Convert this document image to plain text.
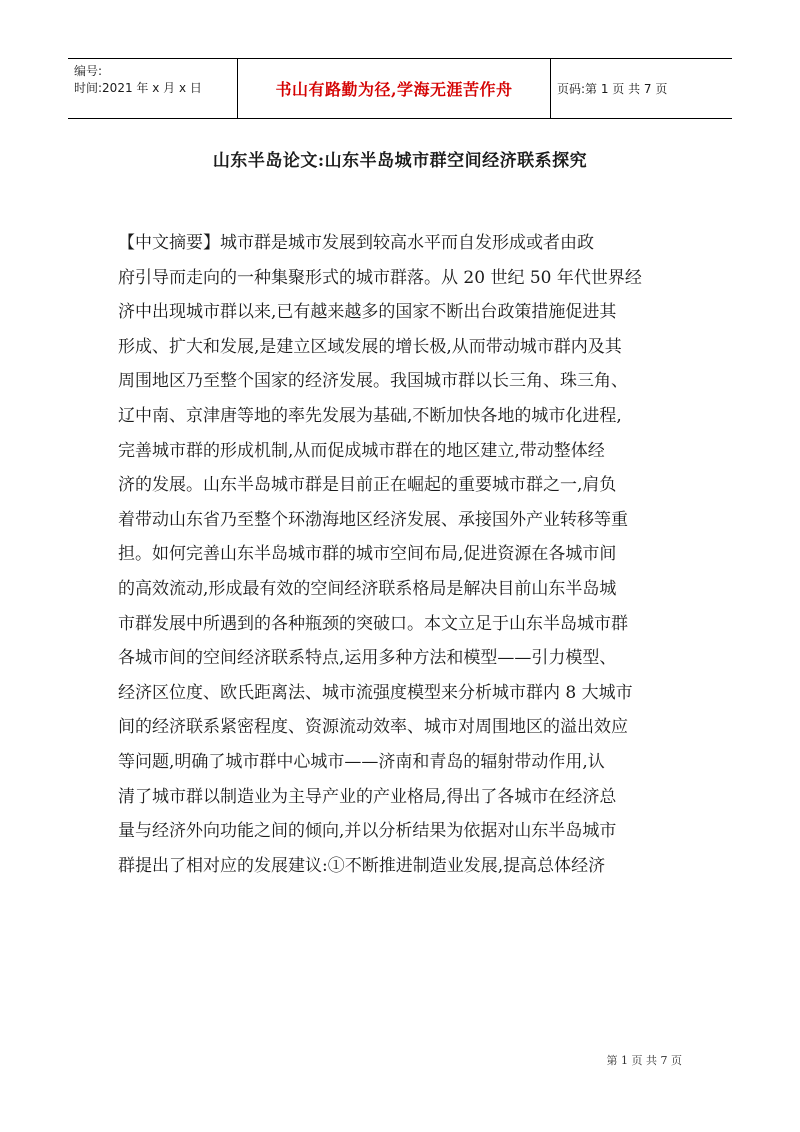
编号:
时间:2021 年 x 月 x 日	书山有路勤为径,学海无涯苦作舟	页码:第 1 页 共 7 页
山东半岛论文:山东半岛城市群空间经济联系探究
【中文摘要】城市群是城市发展到较高水平而自发形成或者由政
府引导而走向的一种集聚形式的城市群落。从 20 世纪 50 年代世界经
济中出现城市群以来,已有越来越多的国家不断出台政策措施促进其
形成、扩大和发展,是建立区域发展的增长极,从而带动城市群内及其
周围地区乃至整个国家的经济发展。我国城市群以长三角、珠三角、
辽中南、京津唐等地的率先发展为基础,不断加快各地的城市化进程,
完善城市群的形成机制,从而促成城市群在的地区建立,带动整体经
济的发展。山东半岛城市群是目前正在崛起的重要城市群之一,肩负
着带动山东省乃至整个环渤海地区经济发展、承接国外产业转移等重
担。如何完善山东半岛城市群的城市空间布局,促进资源在各城市间
的高效流动,形成最有效的空间经济联系格局是解决目前山东半岛城
市群发展中所遇到的各种瓶颈的突破口。本文立足于山东半岛城市群
各城市间的空间经济联系特点,运用多种方法和模型——引力模型、
经济区位度、欧氏距离法、城市流强度模型来分析城市群内 8 大城市
间的经济联系紧密程度、资源流动效率、城市对周围地区的溢出效应
等问题,明确了城市群中心城市——济南和青岛的辐射带动作用,认
清了城市群以制造业为主导产业的产业格局,得出了各城市在经济总
量与经济外向功能之间的倾向,并以分析结果为依据对山东半岛城市
群提出了相对应的发展建议:①不断推进制造业发展,提高总体经济
第 1 页 共 7 页
